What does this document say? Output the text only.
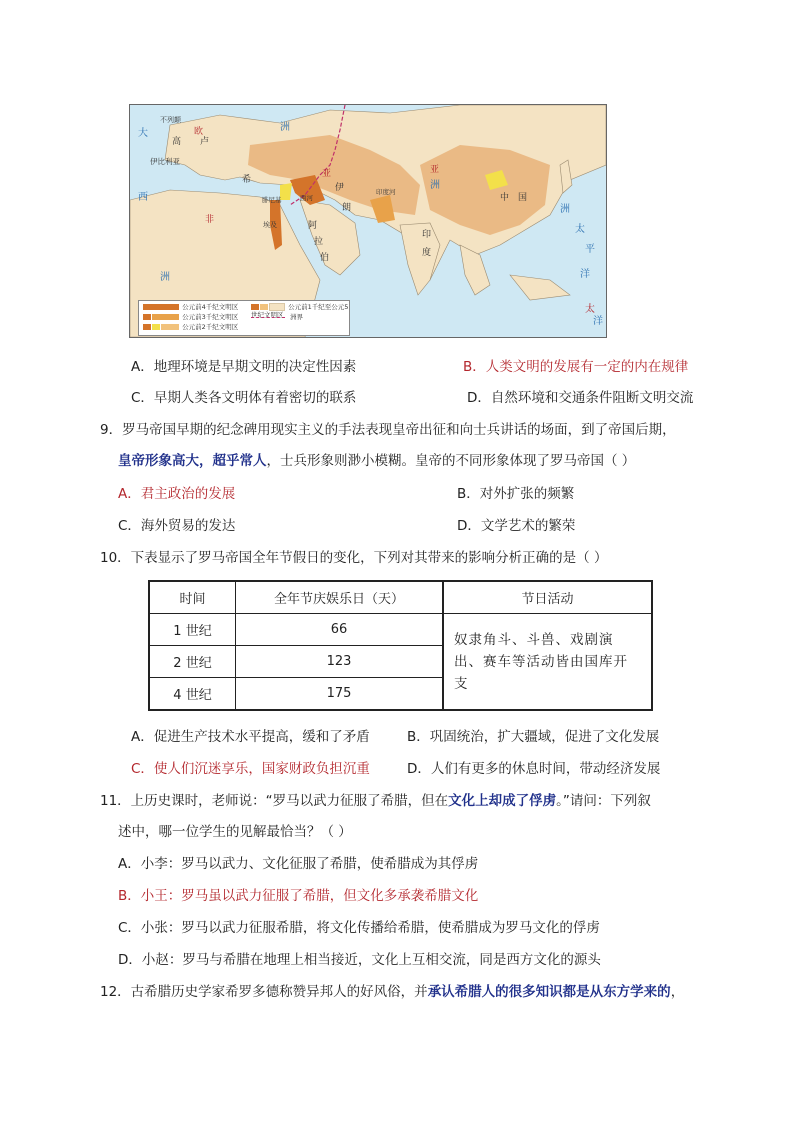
大
西
不列颠
欧
高 卢
伊比利亚
洲
洲
洲
洲
亚
非
希
伊
朗
两河
腓尼基
阿
拉
伯
埃及
印度河
印
度
中 国
太
平
洋
太
洋
亚
公元前4千纪文明区
公元前3千纪文明区
公元前2千纪文明区
公元前1千纪至公元5世纪文明区	洲界
A．地理环境是早期文明的决定性因素	B．人类文明的发展有一定的内在规律
C．早期人类各文明体有着密切的联系	D．自然环境和交通条件阻断文明交流
9．罗马帝国早期的纪念碑用现实主义的手法表现皇帝出征和向士兵讲话的场面，到了帝国后期，
皇帝形象高大，超乎常人，士兵形象则渺小模糊。皇帝的不同形象体现了罗马帝国（ ）
A．君主政治的发展	B．对外扩张的频繁
C．海外贸易的发达	D．文学艺术的繁荣
10．下表显示了罗马帝国全年节假日的变化，下列对其带来的影响分析正确的是（ ）
时间	全年节庆娱乐日（天）	节日活动
1 世纪	66	奴隶角斗、斗兽、戏剧演出、赛车等活动皆由国库开支
2 世纪	123	
4 世纪	175	
A．促进生产技术水平提高，缓和了矛盾	B．巩固统治，扩大疆域，促进了文化发展
C．使人们沉迷享乐，国家财政负担沉重	D．人们有更多的休息时间，带动经济发展
11．上历史课时，老师说：“罗马以武力征服了希腊，但在文化上却成了俘虏。”请问：下列叙
述中，哪一位学生的见解最恰当？（ ）
A．小李：罗马以武力、文化征服了希腊，使希腊成为其俘虏
B．小王：罗马虽以武力征服了希腊，但文化多承袭希腊文化
C．小张：罗马以武力征服希腊，将文化传播给希腊，使希腊成为罗马文化的俘虏
D．小赵：罗马与希腊在地理上相当接近，文化上互相交流，同是西方文化的源头
12．古希腊历史学家希罗多德称赞异邦人的好风俗，并承认希腊人的很多知识都是从东方学来的，
